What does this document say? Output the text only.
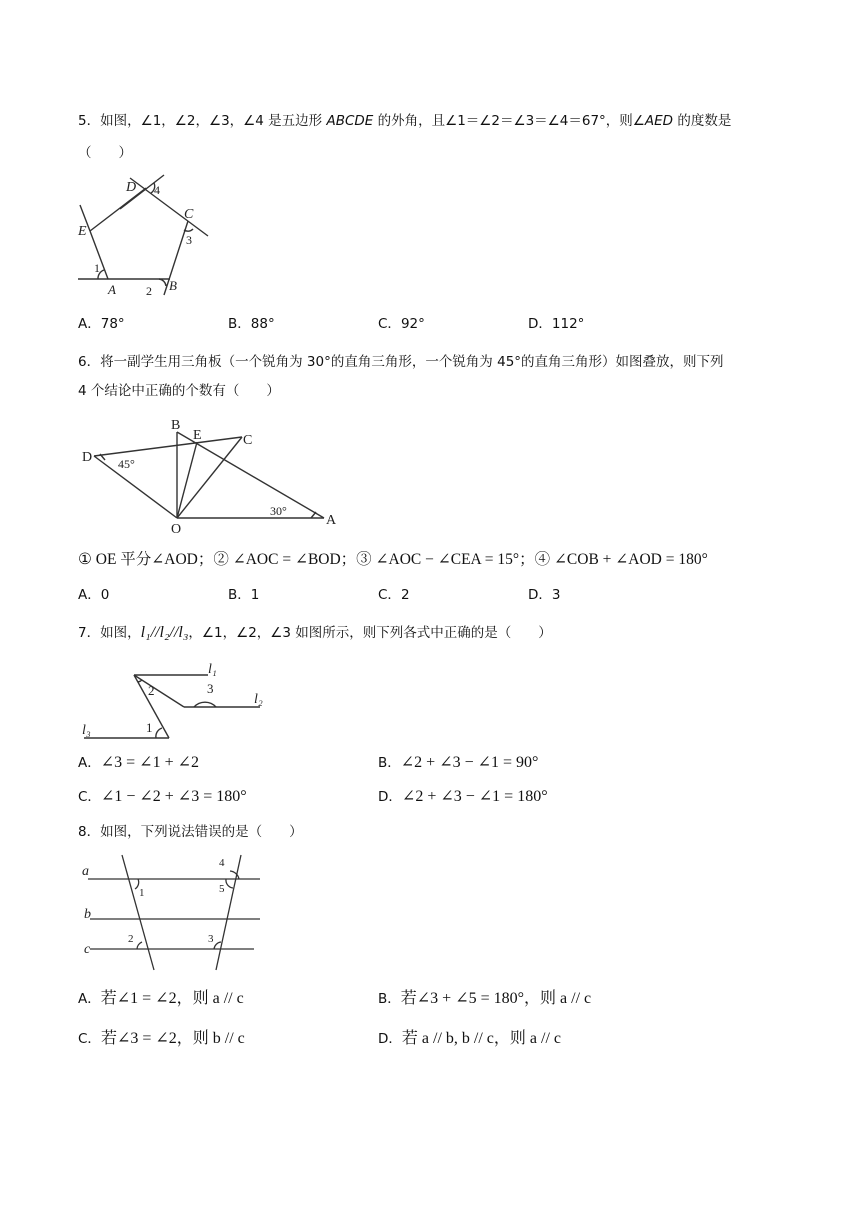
5．如图，∠1，∠2，∠3，∠4 是五边形 ABCDE 的外角，且∠1＝∠2＝∠3＝∠4＝67°，则∠AED 的度数是
（　　）
D 4
C
3
E
1
A	2 B
A．78°	B．88°	C．92°	D．112°
6．将一副学生用三角板（一个锐角为 30°的直角三角形，一个锐角为 45°的直角三角形）如图叠放，则下列
4 个结论中正确的个数有（　　）
B
E	C
D 45°
30°
O
A
① OE 平分∠AOD；② ∠AOC = ∠BOD；③ ∠AOC − ∠CEA = 15°；④ ∠COB + ∠AOD = 180°
A．0	B．1	C．2	D．3
7．如图，l₁//l₂//l₃，∠1，∠2，∠3 如图所示，则下列各式中正确的是（　　）
l₁
2	3
l₂
1
l₃
A．∠3 = ∠1 + ∠2	B．∠2 + ∠3 − ∠1 = 90°
C．∠1 − ∠2 + ∠3 = 180°	D．∠2 + ∠3 − ∠1 = 180°
8．如图，下列说法错误的是（　　）
a
1
4
5
b
2	3
c
A．若∠1 = ∠2，则 a // c	B．若∠3 + ∠5 = 180°，则 a // c
C．若∠3 = ∠2，则 b // c	D．若 a // b, b // c，则 a // c
